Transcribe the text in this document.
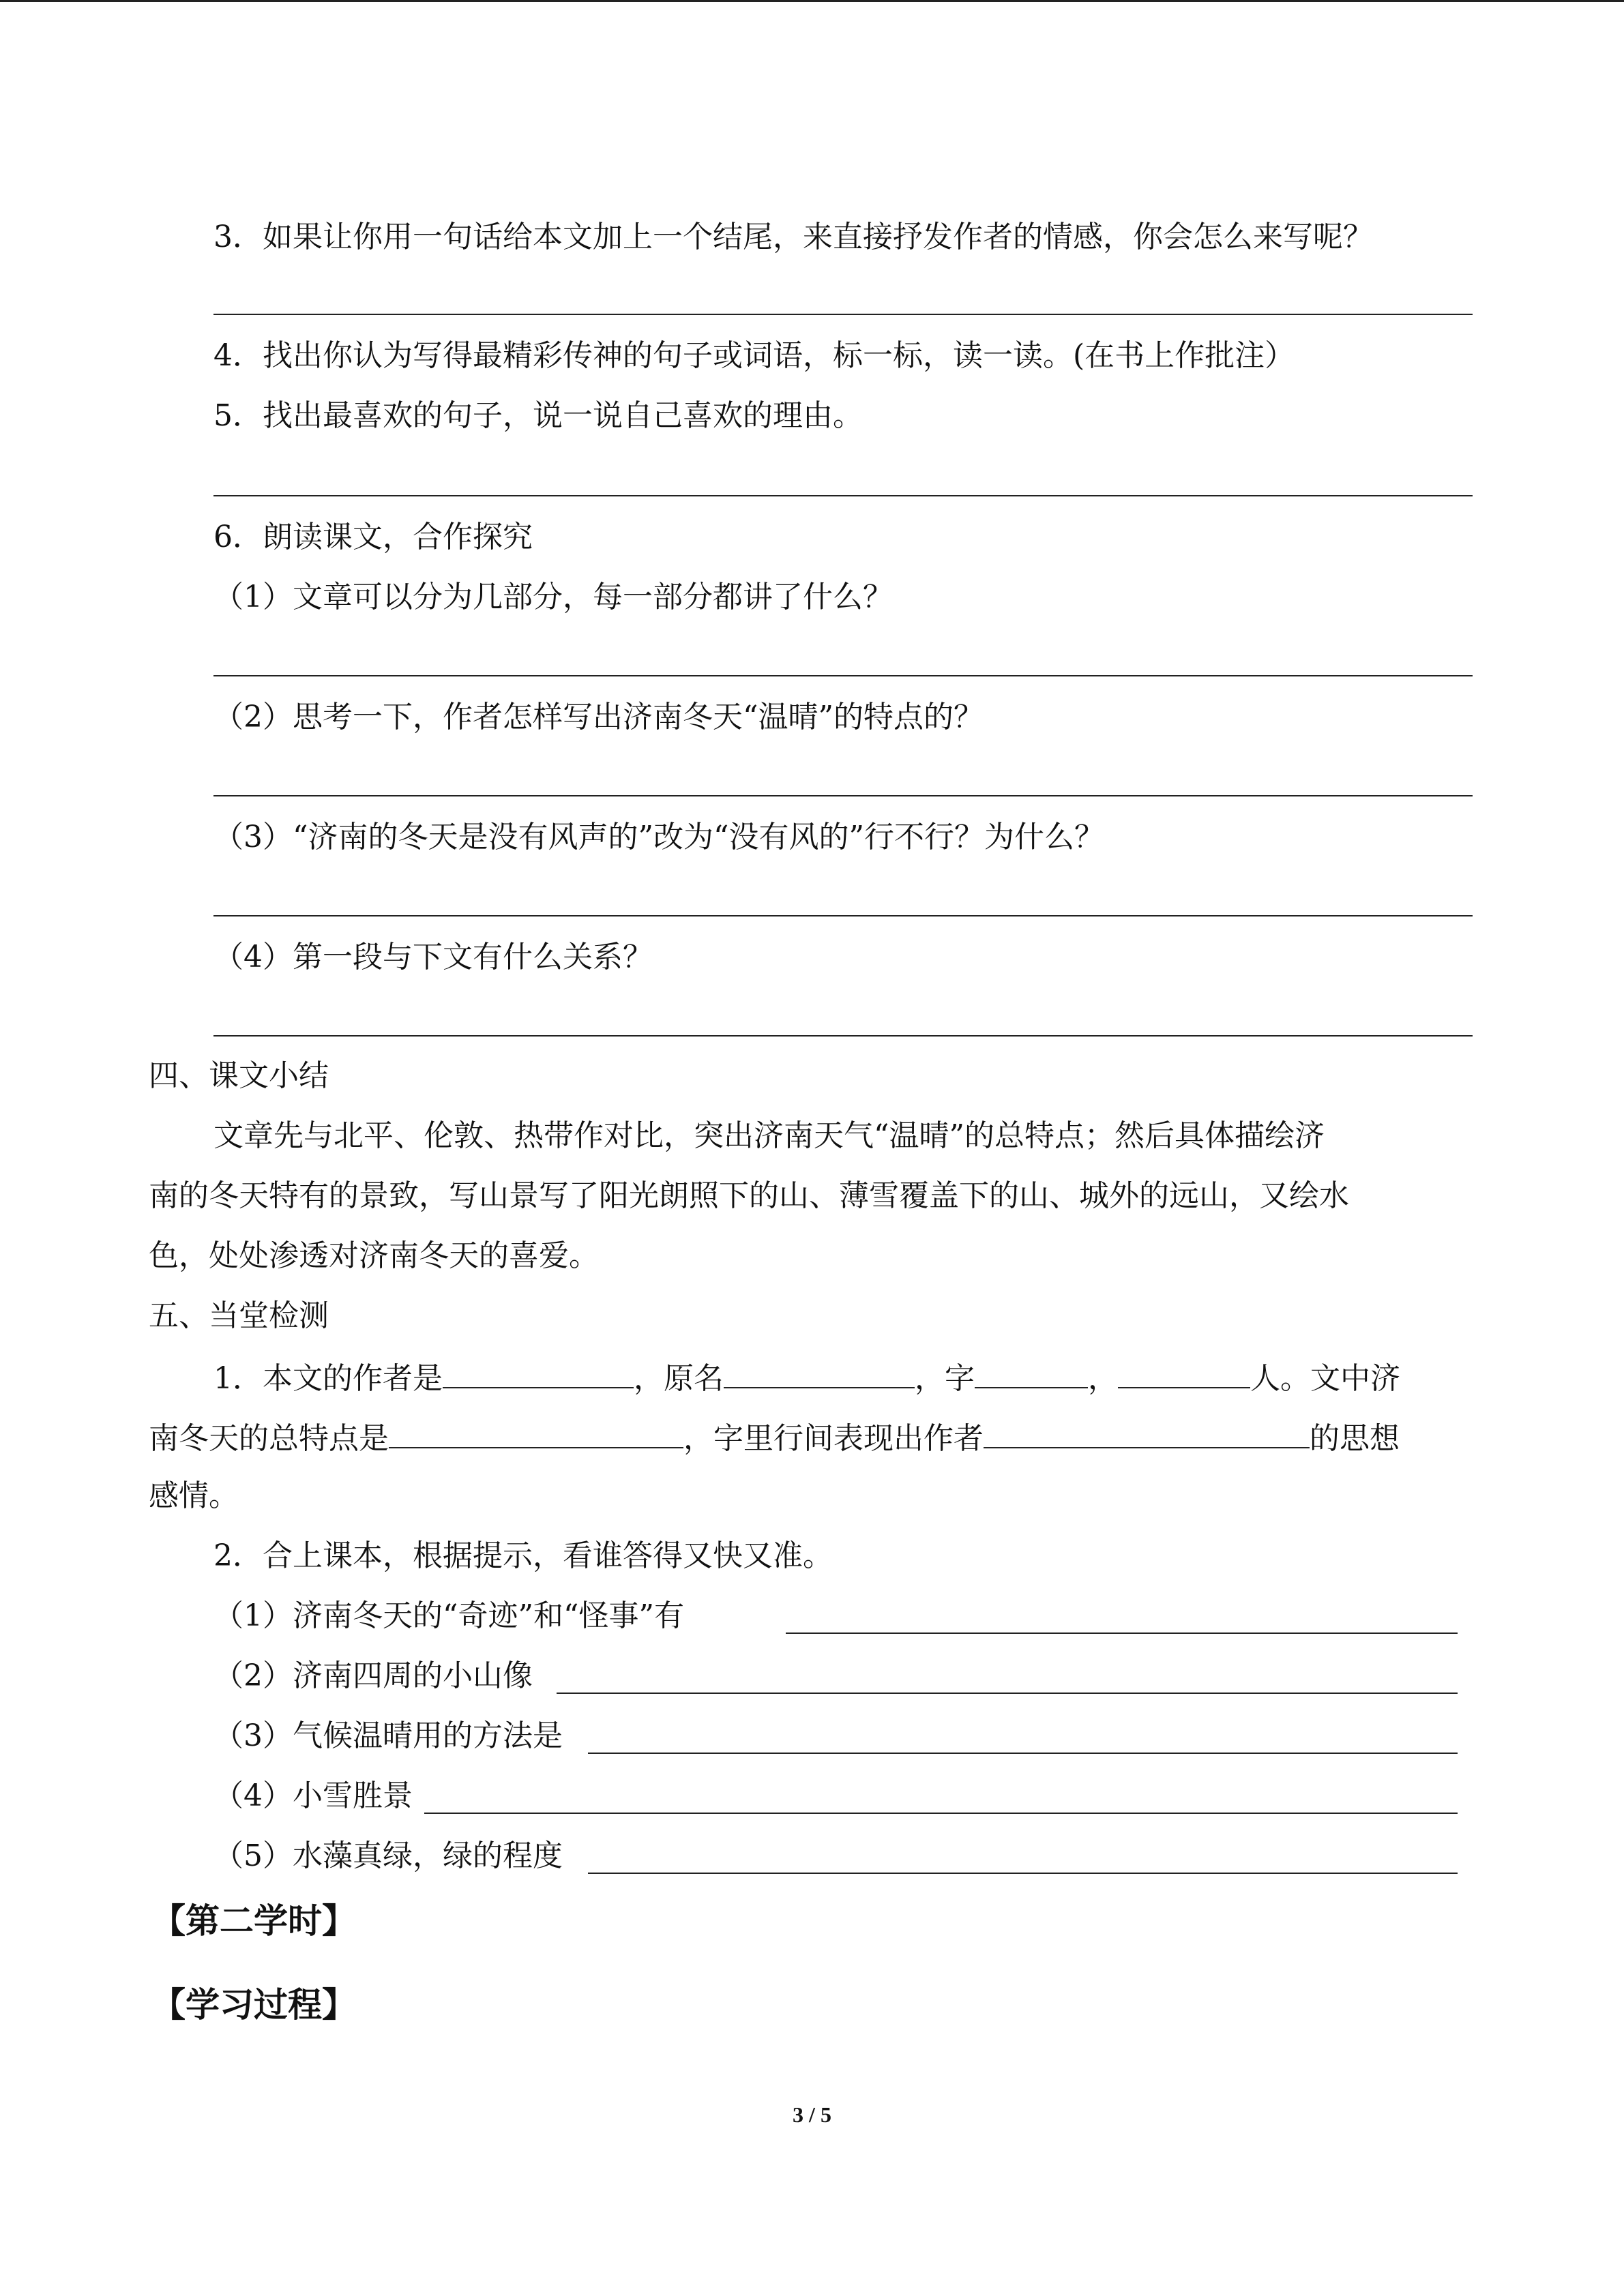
3．如果让你用一句话给本文加上一个结尾，来直接抒发作者的情感，你会怎么来写呢？
4．找出你认为写得最精彩传神的句子或词语，标一标，读一读。(在书上作批注）
5．找出最喜欢的句子，说一说自己喜欢的理由。
6．朗读课文，合作探究
（1）文章可以分为几部分，每一部分都讲了什么？
（2）思考一下，作者怎样写出济南冬天“温晴”的特点的？
（3）“济南的冬天是没有风声的”改为“没有风的”行不行？为什么？
（4）第一段与下文有什么关系？
四、课文小结
文章先与北平、伦敦、热带作对比，突出济南天气“温晴”的总特点；然后具体描绘济
南的冬天特有的景致，写山景写了阳光朗照下的山、薄雪覆盖下的山、城外的远山，又绘水
色，处处渗透对济南冬天的喜爱。
五、当堂检测
1．本文的作者是	，原名	，字	，	人。文中济
南冬天的总特点是	，字里行间表现出作者	的思想
感情。
2．合上课本，根据提示，看谁答得又快又准。
（1）济南冬天的“奇迹”和“怪事”有
（2）济南四周的小山像
（3）气候温晴用的方法是
（4）小雪胜景
（5）水藻真绿，绿的程度
【第二学时】
【学习过程】
3 / 5
